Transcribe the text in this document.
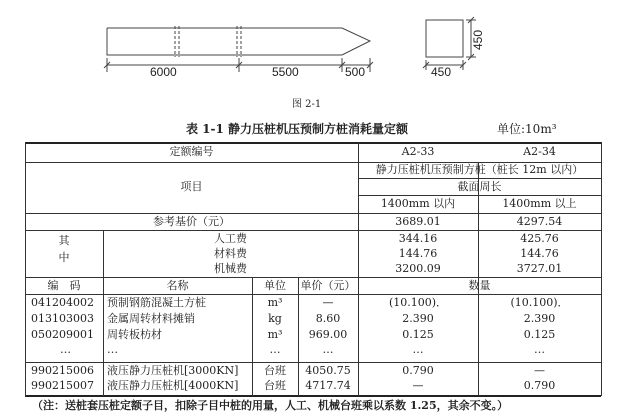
6000	5500	500	450
450
图 2-1
表 1-1 静力压桩机压预制方桩消耗量定额	单位:10m³
定额编号	A2-33	A2-34
项目
静力压桩机压预制方桩（桩长 12m 以内）
截面周长
1400mm 以内	1400mm 以上
参考基价（元）	3689.01	4297.54
其
中
人工费	344.16	425.76
材料费	144.76	144.76
机械费	3200.09	3727.01
编　码	名称	单位	单价（元）	数量
041204002 预制钢筋混凝土方桩	m³	—	(10.100)．	(10.100)．
013103003 金属周转材料摊销	kg	8.60	2.390	2.390
050209001 周转板枋材	m³	969.00	0.125	0.125
…	…	…	…	…	…
990215006 液压静力压桩机[3000KN]	台班	4050.75	0.790	—
990215007 液压静力压桩机[4000KN]	台班	4717.74	—	0.790
（注：送桩套压桩定额子目，扣除子目中桩的用量，人工、机械台班乘以系数 1.25，其余不变。）
